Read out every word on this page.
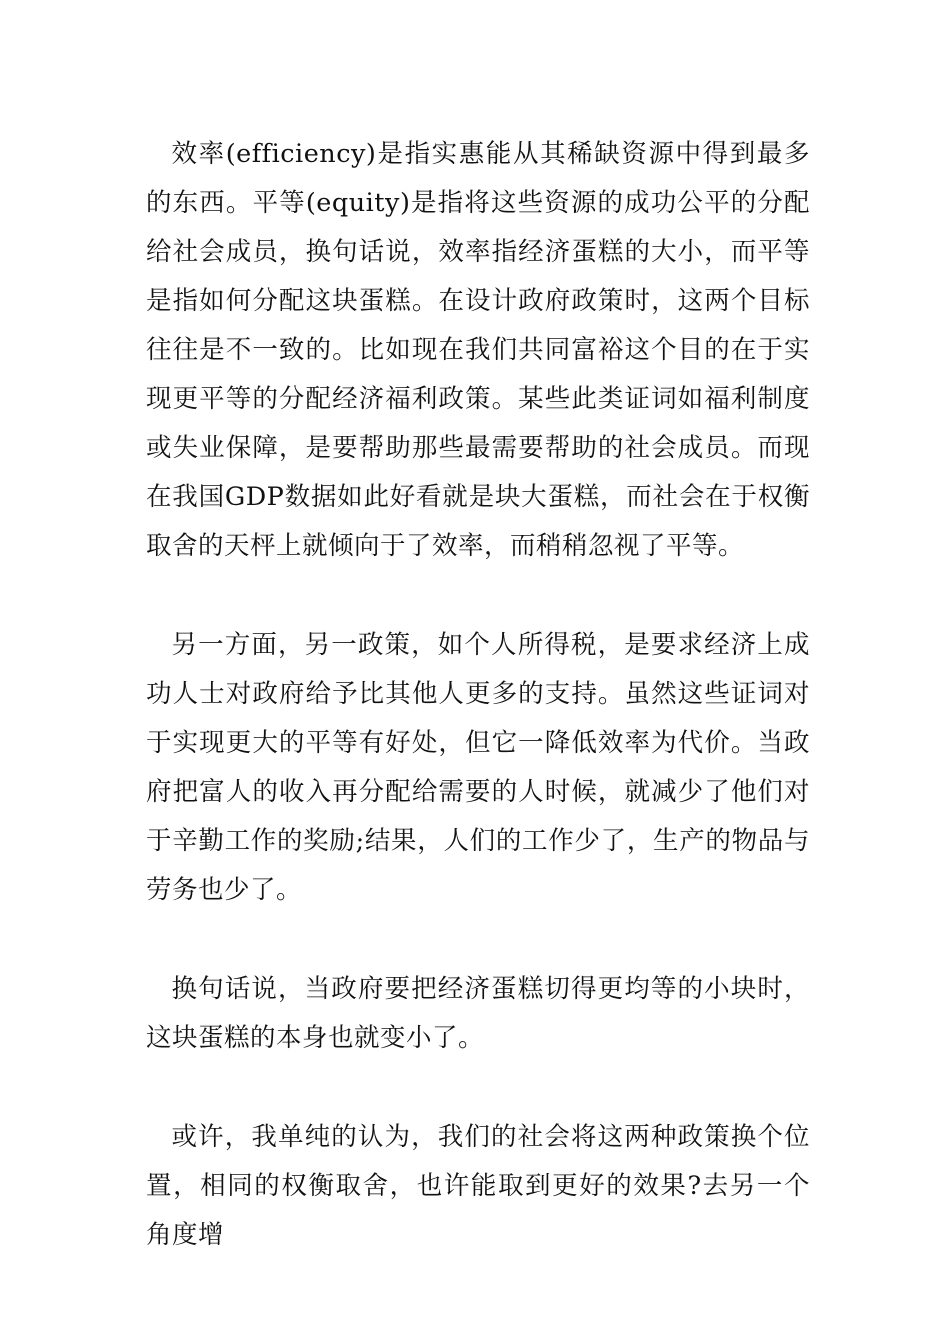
效率(efficiency)是指实惠能从其稀缺资源中得到最多的东西。平等(equity)是指将这些资源的成功公平的分配给社会成员，换句话说，效率指经济蛋糕的大小，而平等是指如何分配这块蛋糕。在设计政府政策时，这两个目标往往是不一致的。比如现在我们共同富裕这个目的在于实现更平等的分配经济福利政策。某些此类证词如福利制度或失业保障，是要帮助那些最需要帮助的社会成员。而现在我国GDP数据如此好看就是块大蛋糕，而社会在于权衡取舍的天枰上就倾向于了效率，而稍稍忽视了平等。

另一方面，另一政策，如个人所得税，是要求经济上成功人士对政府给予比其他人更多的支持。虽然这些证词对于实现更大的平等有好处，但它一降低效率为代价。当政府把富人的收入再分配给需要的人时候，就减少了他们对于辛勤工作的奖励;结果，人们的工作少了，生产的物品与劳务也少了。

换句话说，当政府要把经济蛋糕切得更均等的小块时，这块蛋糕的本身也就变小了。

或许，我单纯的认为，我们的社会将这两种政策换个位置，相同的权衡取舍，也许能取到更好的效果?去另一个角度增
